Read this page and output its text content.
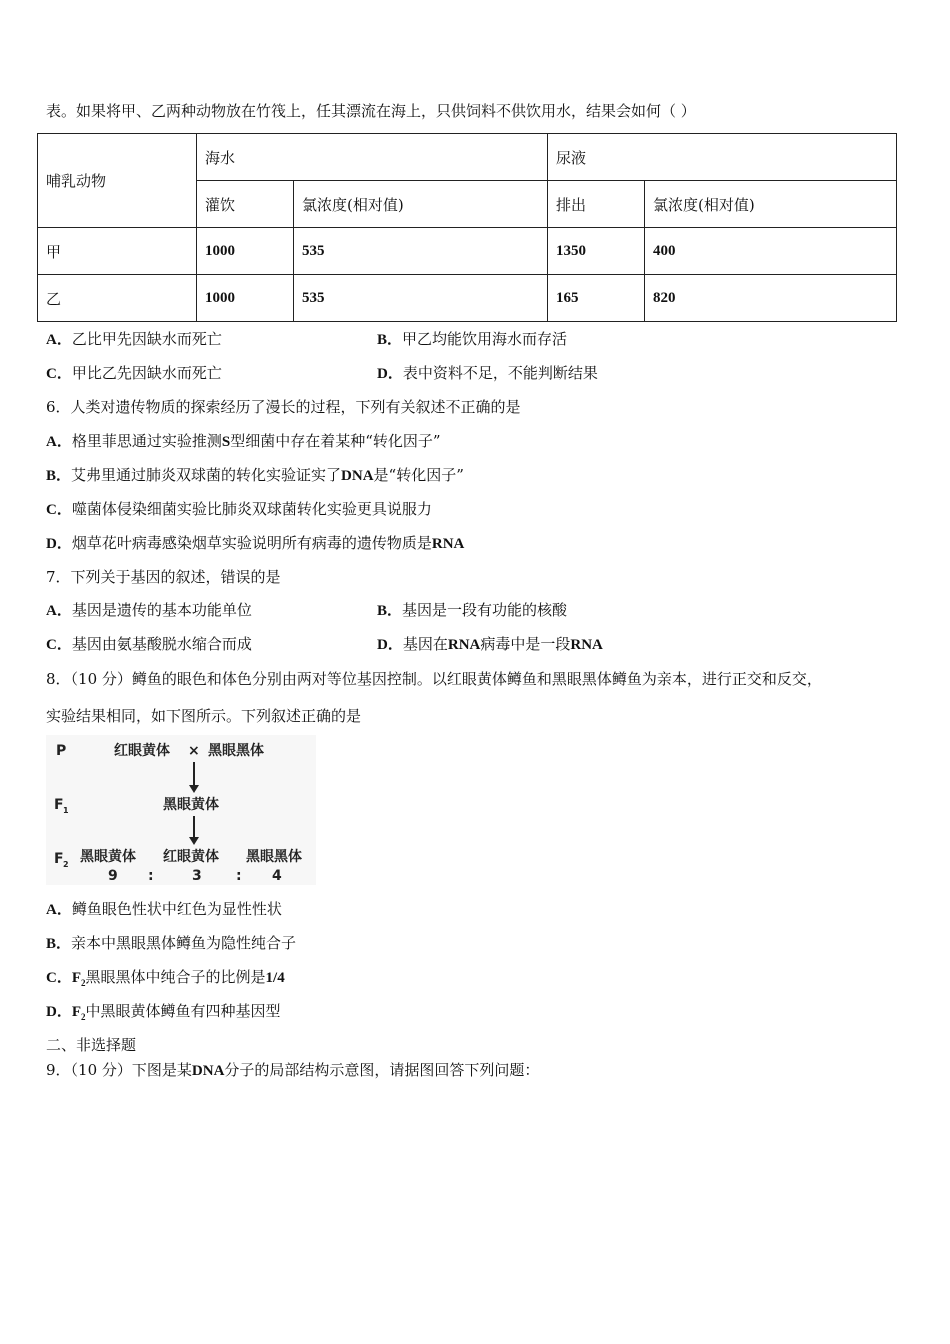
表。如果将甲、乙两种动物放在竹筏上，任其漂流在海上，只供饲料不供饮用水，结果会如何（ ）
哺乳动物	海水		尿液	
	灌饮	氯浓度(相对值)	排出	氯浓度(相对值)
甲	1000	535	1350	400
乙	1000	535	165	820
A．乙比甲先因缺水而死亡	B．甲乙均能饮用海水而存活
C．甲比乙先因缺水而死亡	D．表中资料不足，不能判断结果
6．人类对遗传物质的探索经历了漫长的过程，下列有关叙述不正确的是
A．格里菲思通过实验推测S型细菌中存在着某种“转化因子”
B．艾弗里通过肺炎双球菌的转化实验证实了DNA是“转化因子”
C．噬菌体侵染细菌实验比肺炎双球菌转化实验更具说服力
D．烟草花叶病毒感染烟草实验说明所有病毒的遗传物质是RNA
7．下列关于基因的叙述，错误的是
A．基因是遗传的基本功能单位	B．基因是一段有功能的核酸
C．基因由氨基酸脱水缩合而成	D．基因在RNA病毒中是一段RNA
8．（10 分）鳟鱼的眼色和体色分别由两对等位基因控制。以红眼黄体鳟鱼和黑眼黑体鳟鱼为亲本，进行正交和反交，
实验结果相同，如下图所示。下列叙述正确的是
P	红眼黄体 × 黑眼黑体
F 1	黑眼黄体
F 2 黑眼黄体 红眼黄体 黑眼黑体
9 :	3 : 4
A．鳟鱼眼色性状中红色为显性性状
B．亲本中黑眼黑体鳟鱼为隐性纯合子
C．$F_2$黑眼黑体中纯合子的比例是1/4
D．$F_2$中黑眼黄体鳟鱼有四种基因型
二、非选择题
9．（10 分）下图是某DNA分子的局部结构示意图，请据图回答下列问题：
